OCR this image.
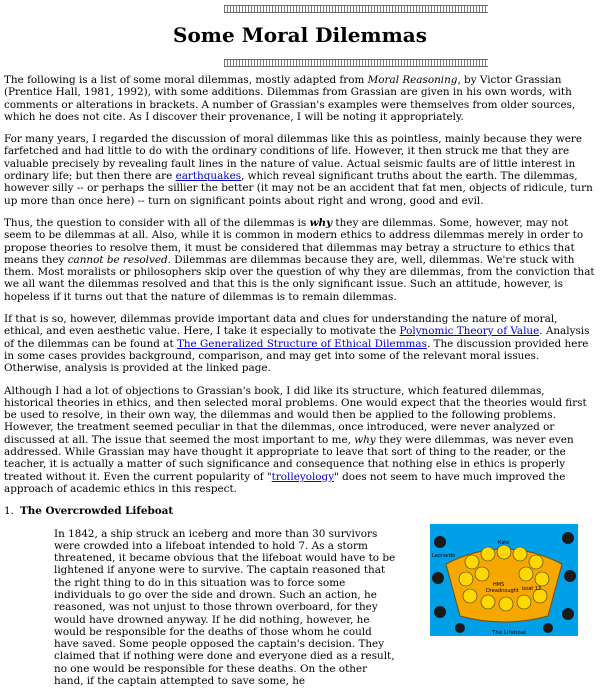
Some Moral Dilemmas

The following is a list of some moral dilemmas, mostly adapted from Moral Reasoning, by Victor Grassian (Prentice Hall, 1981, 1992), with some additions. Dilemmas from Grassian are given in his own words, with comments or alterations in brackets. A number of Grassian's examples were themselves from older sources, which he does not cite. As I discover their provenance, I will be noting it appropriately.

For many years, I regarded the discussion of moral dilemmas like this as pointless, mainly because they were farfetched and had little to do with the ordinary conditions of life. However, it then struck me that they are valuable precisely by revealing fault lines in the nature of value. Actual seismic faults are of little interest in ordinary life; but then there are earthquakes, which reveal significant truths about the earth. The dilemmas, however silly -- or perhaps the sillier the better (it may not be an accident that fat men, objects of ridicule, turn up more than once here) -- turn on significant points about right and wrong, good and evil.

Thus, the question to consider with all of the dilemmas is why they are dilemmas. Some, however, may not seem to be dilemmas at all. Also, while it is common in modern ethics to address dilemmas merely in order to propose theories to resolve them, it must be considered that dilemmas may betray a structure to ethics that means they cannot be resolved. Dilemmas are dilemmas because they are, well, dilemmas. We're stuck with them. Most moralists or philosophers skip over the question of why they are dilemmas, from the conviction that we all want the dilemmas resolved and that this is the only significant issue. Such an attitude, however, is hopeless if it turns out that the nature of dilemmas is to remain dilemmas.

If that is so, however, dilemmas provide important data and clues for understanding the nature of moral, ethical, and even aesthetic value. Here, I take it especially to motivate the Polynomic Theory of Value. Analysis of the dilemmas can be found at The Generalized Structure of Ethical Dilemmas. The discussion provided here in some cases provides background, comparison, and may get into some of the relevant moral issues. Otherwise, analysis is provided at the linked page.

Although I had a lot of objections to Grassian's book, I did like its structure, which featured dilemmas, historical theories in ethics, and then selected moral problems. One would expect that the theories would first be used to resolve, in their own way, the dilemmas and would then be applied to the following problems. However, the treatment seemed peculiar in that the dilemmas, once introduced, were never analyzed or discussed at all. The issue that seemed the most important to me, why they were dilemmas, was never even addressed. While Grassian may have thought it appropriate to leave that sort of thing to the reader, or the teacher, it is actually a matter of such significance and consequence that nothing else in ethics is properly treated without it. Even the current popularity of "trolleyology" does not seem to have much improved the approach of academic ethics in this respect.

1. The Overcrowded Lifeboat
In 1842, a ship struck an iceberg and more than 30 survivors were crowded into a lifeboat intended to hold 7. As a storm threatened, it became obvious that the lifeboat would have to be lightened if anyone were to survive. The captain reasoned that the right thing to do in this situation was to force some individuals to go over the side and drown. Such an action, he reasoned, was not unjust to those thrown overboard, for they would have drowned anyway. If he did nothing, however, he would be responsible for the deaths of those whom he could have saved. Some people opposed the captain's decision. They claimed that if nothing were done and everyone died as a result, no one would be responsible for these deaths. On the other hand, if the captain attempted to save some, he
Leonardo
Kate
HMS
Dreadnought boat 13
The Lifeboat
